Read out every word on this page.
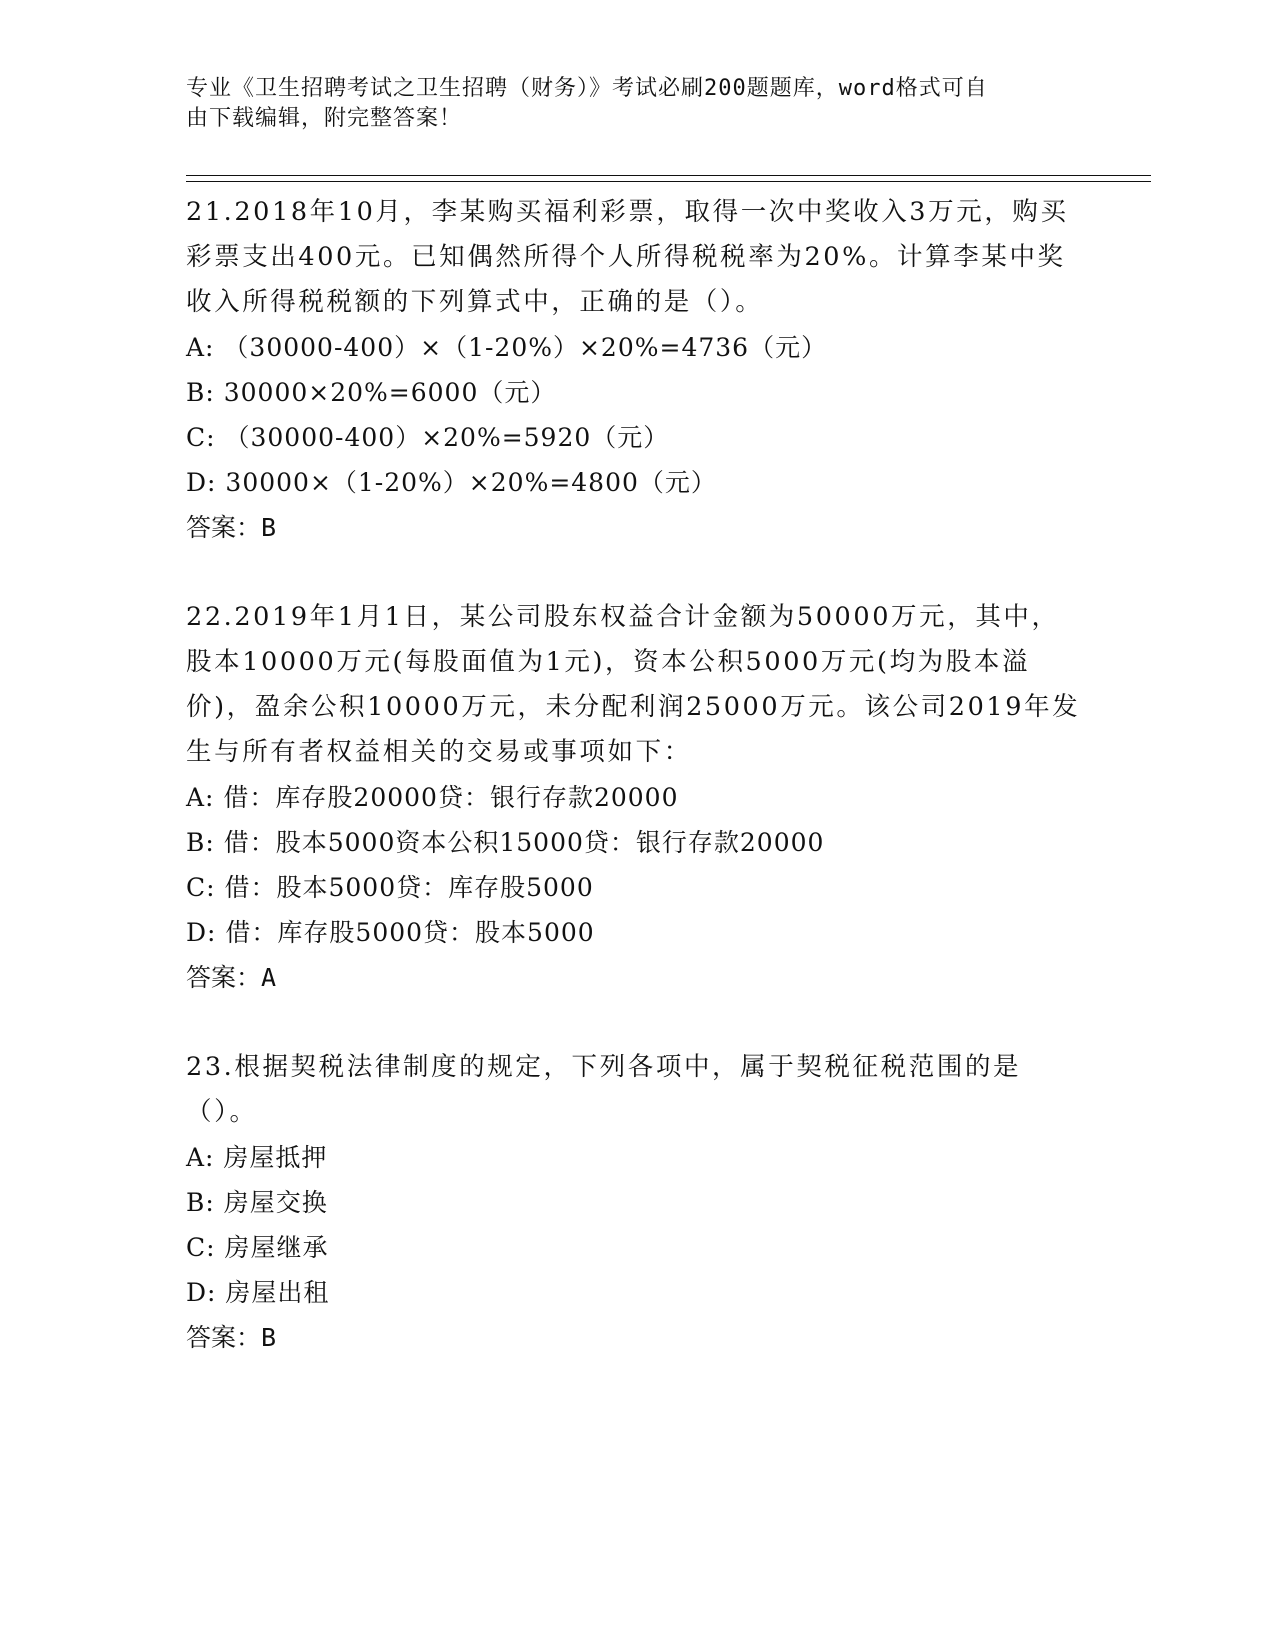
专业《卫生招聘考试之卫生招聘（财务）》考试必刷200题题库，word格式可自
由下载编辑，附完整答案！

21.2018年10月，李某购买福利彩票，取得一次中奖收入3万元，购买彩票支出400元。已知偶然所得个人所得税税率为20%。计算李某中奖收入所得税税额的下列算式中，正确的是（）。

A: （30000-400）×（1-20%）×20%=4736（元）

B: 30000×20%=6000（元）

C: （30000-400）×20%=5920（元）

D: 30000×（1-20%）×20%=4800（元）

答案：B

22.2019年1月1日，某公司股东权益合计金额为50000万元，其中，股本10000万元(每股面值为1元)，资本公积5000万元(均为股本溢价)，盈余公积10000万元，未分配利润25000万元。该公司2019年发生与所有者权益相关的交易或事项如下：

A: 借：库存股20000贷：银行存款20000

B: 借：股本5000资本公积15000贷：银行存款20000

C: 借：股本5000贷：库存股5000

D: 借：库存股5000贷：股本5000

答案：A

23.根据契税法律制度的规定，下列各项中，属于契税征税范围的是（）。

A: 房屋抵押

B: 房屋交换

C: 房屋继承

D: 房屋出租

答案：B
